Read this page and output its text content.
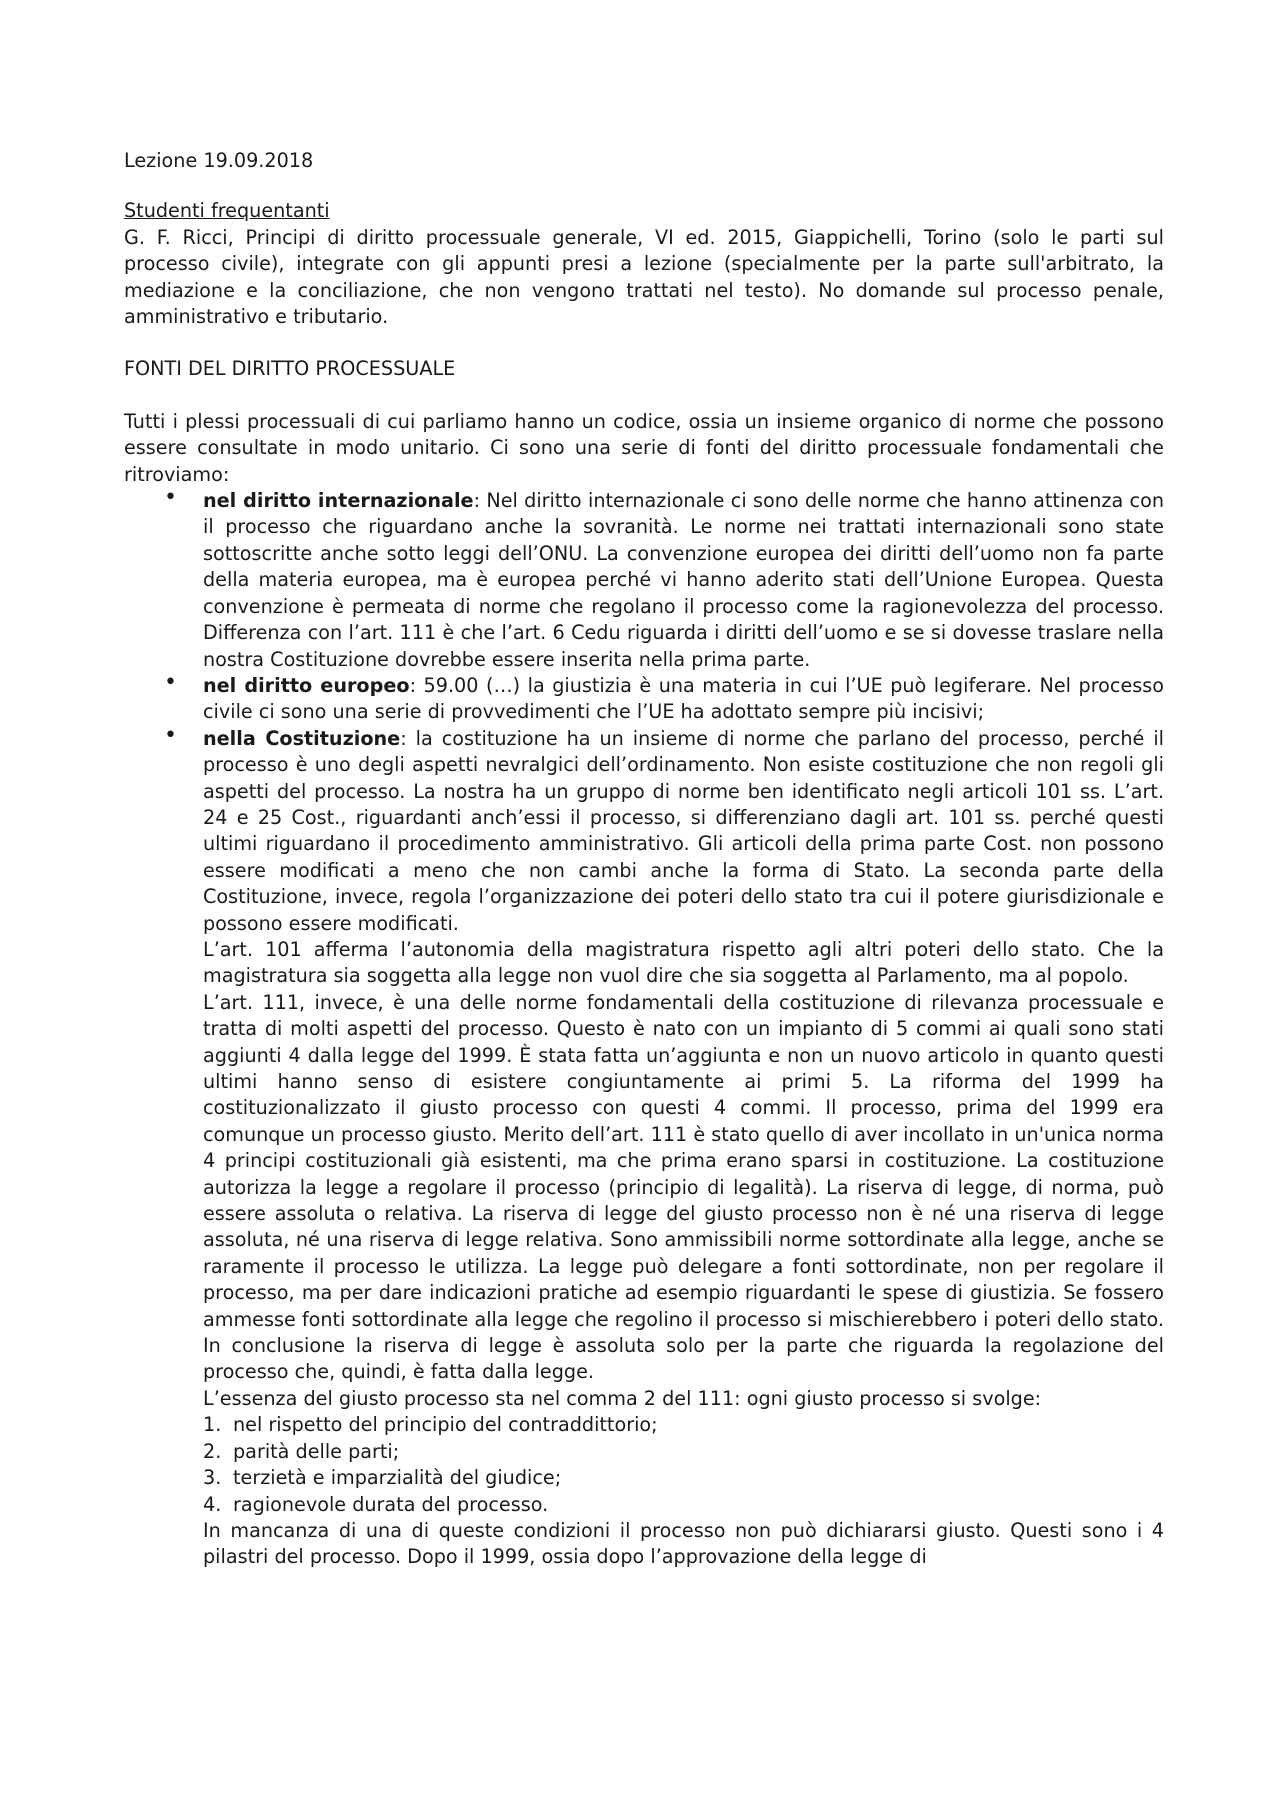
Lezione 19.09.2018
Studenti frequentanti

G. F. Ricci, Principi di diritto processuale generale, VI ed. 2015, Giappichelli, Torino (solo le parti sul processo civile), integrate con gli appunti presi a lezione (specialmente per la parte sull'arbitrato, la mediazione e la conciliazione, che non vengono trattati nel testo). No domande sul processo penale, amministrativo e tributario.

FONTI DEL DIRITTO PROCESSUALE

Tutti i plessi processuali di cui parliamo hanno un codice, ossia un insieme organico di norme che possono essere consultate in modo unitario. Ci sono una serie di fonti del diritto processuale fondamentali che ritroviamo:

• nel diritto internazionale: Nel diritto internazionale ci sono delle norme che hanno attinenza con il processo che riguardano anche la sovranità. Le norme nei trattati internazionali sono state sottoscritte anche sotto leggi dell’ONU. La convenzione europea dei diritti dell’uomo non fa parte della materia europea, ma è europea perché vi hanno aderito stati dell’Unione Europea. Questa convenzione è permeata di norme che regolano il processo come la ragionevolezza del processo. Differenza con l’art. 111 è che l’art. 6 Cedu riguarda i diritti dell’uomo e se si dovesse traslare nella nostra Costituzione dovrebbe essere inserita nella prima parte.

• nel diritto europeo: 59.00 (…) la giustizia è una materia in cui l’UE può legiferare. Nel processo civile ci sono una serie di provvedimenti che l’UE ha adottato sempre più incisivi;

• nella Costituzione: la costituzione ha un insieme di norme che parlano del processo, perché il processo è uno degli aspetti nevralgici dell’ordinamento. Non esiste costituzione che non regoli gli aspetti del processo. La nostra ha un gruppo di norme ben identificato negli articoli 101 ss. L’art. 24 e 25 Cost., riguardanti anch’essi il processo, si differenziano dagli art. 101 ss. perché questi ultimi riguardano il procedimento amministrativo. Gli articoli della prima parte Cost. non possono essere modificati a meno che non cambi anche la forma di Stato. La seconda parte della Costituzione, invece, regola l’organizzazione dei poteri dello stato tra cui il potere giurisdizionale e possono essere modificati.

L’art. 101 afferma l’autonomia della magistratura rispetto agli altri poteri dello stato. Che la magistratura sia soggetta alla legge non vuol dire che sia soggetta al Parlamento, ma al popolo.

L’art. 111, invece, è una delle norme fondamentali della costituzione di rilevanza processuale e tratta di molti aspetti del processo. Questo è nato con un impianto di 5 commi ai quali sono stati aggiunti 4 dalla legge del 1999. È stata fatta un’aggiunta e non un nuovo articolo in quanto questi ultimi hanno senso di esistere congiuntamente ai primi 5. La riforma del 1999 ha costituzionalizzato il giusto processo con questi 4 commi. Il processo, prima del 1999 era comunque un processo giusto. Merito dell’art. 111 è stato quello di aver incollato in un'unica norma 4 principi costituzionali già esistenti, ma che prima erano sparsi in costituzione. La costituzione autorizza la legge a regolare il processo (principio di legalità). La riserva di legge, di norma, può essere assoluta o relativa. La riserva di legge del giusto processo non è né una riserva di legge assoluta, né una riserva di legge relativa. Sono ammissibili norme sottordinate alla legge, anche se raramente il processo le utilizza. La legge può delegare a fonti sottordinate, non per regolare il processo, ma per dare indicazioni pratiche ad esempio riguardanti le spese di giustizia. Se fossero ammesse fonti sottordinate alla legge che regolino il processo si mischierebbero i poteri dello stato. In conclusione la riserva di legge è assoluta solo per la parte che riguarda la regolazione del processo che, quindi, è fatta dalla legge.

L’essenza del giusto processo sta nel comma 2 del 111: ogni giusto processo si svolge:

1. nel rispetto del principio del contraddittorio;
2. parità delle parti;
3. terzietà e imparzialità del giudice;
4. ragionevole durata del processo.

In mancanza di una di queste condizioni il processo non può dichiararsi giusto. Questi sono i 4 pilastri del processo. Dopo il 1999, ossia dopo l’approvazione della legge di
